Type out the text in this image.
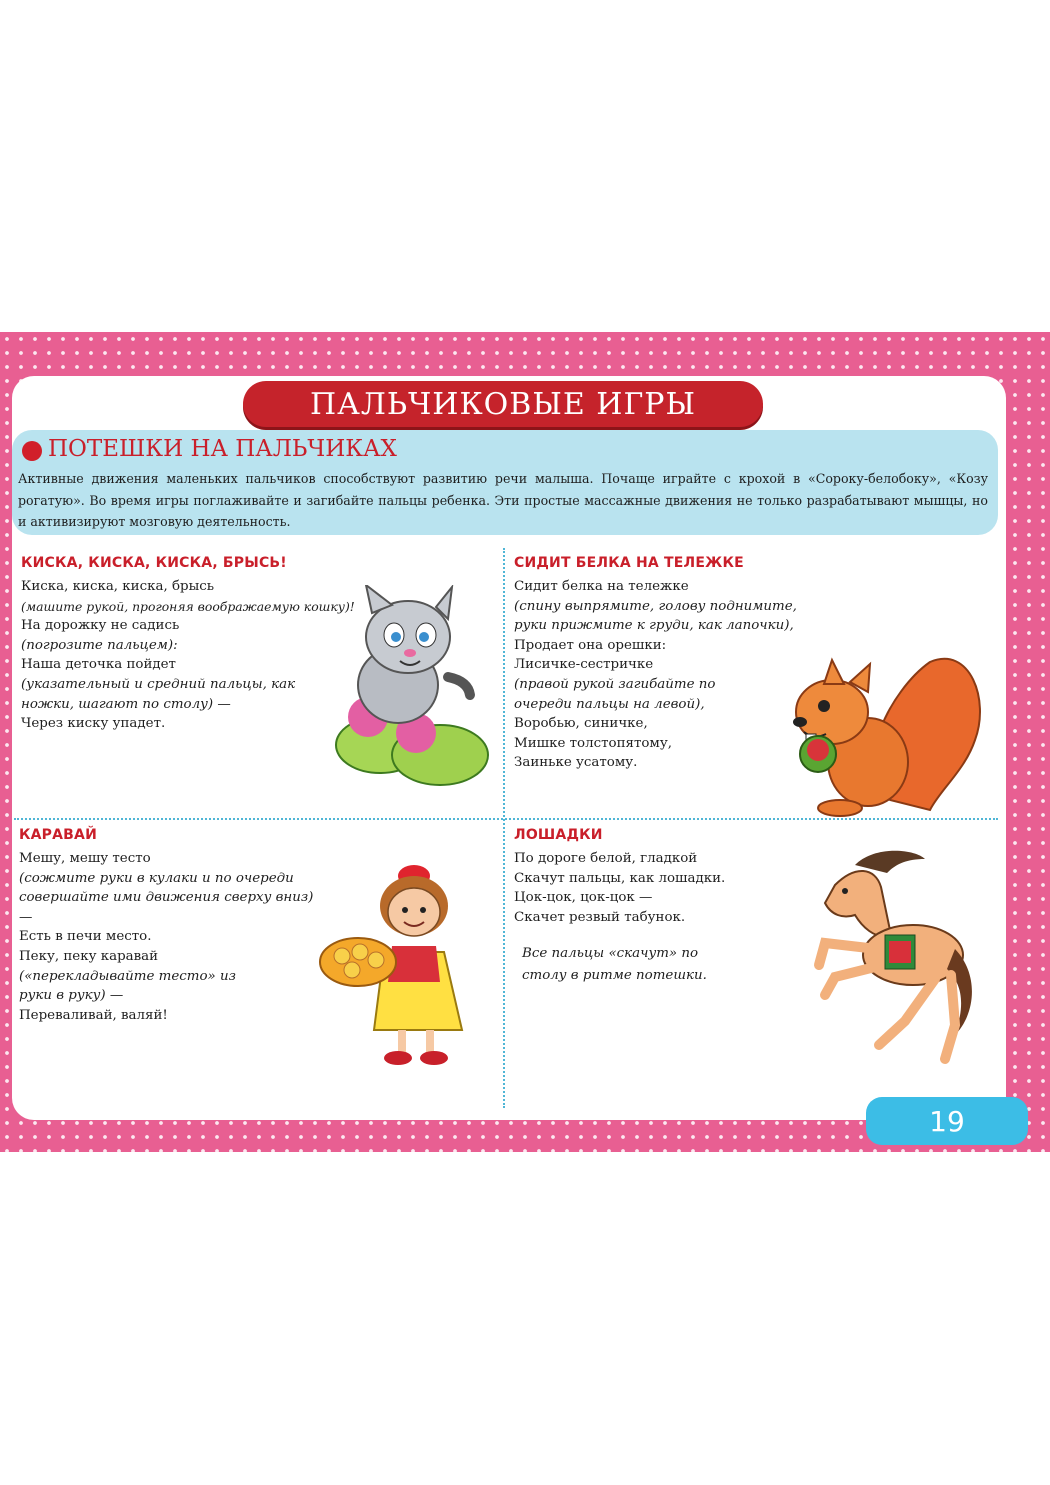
ПАЛЬЧИКОВЫЕ ИГРЫ
ПОТЕШКИ НА ПАЛЬЧИКАХ

Активные движения маленьких пальчиков способствуют развитию речи малыша. Почаще играйте с крохой в «Сороку-белобоку», «Козу рогатую». Во время игры поглаживайте и загибайте пальцы ребенка. Эти простые массажные движения не только разрабатывают мышцы, но и активизируют мозговую деятельность.

КИСКА, КИСКА, КИСКА, БРЫСЬ!
Киска, киска, киска, брысь
(машите рукой, прогоняя воображаемую кошку)!
На дорожку не садись
(погрозите пальцем):
Наша деточка пойдет
(указательный и средний пальцы, как ножки, шагают по столу) —
Через киску упадет.
СИДИТ БЕЛКА НА ТЕЛЕЖКЕ
Сидит белка на тележке
(спину выпрямите, голову поднимите, руки прижмите к груди, как лапочки),
Продает она орешки:
Лисичке-сестричке
(правой рукой загибайте по очереди пальцы на левой),
Воробью, синичке,
Мишке толстопятому,
Заиньке усатому.
КАРАВАЙ
Мешу, мешу тесто
(сожмите руки в кулаки и по очереди совершайте ими движения сверху вниз) —
Есть в печи место.
Пеку, пеку каравай
(«перекладывайте тесто» из руки в руку) —
Переваливай, валяй!
ЛОШАДКИ
По дороге белой, гладкой
Скачут пальцы, как лошадки.
Цок-цок, цок-цок —
Скачет резвый табунок.
Все пальцы «скачут» по столу в ритме потешки.
19
